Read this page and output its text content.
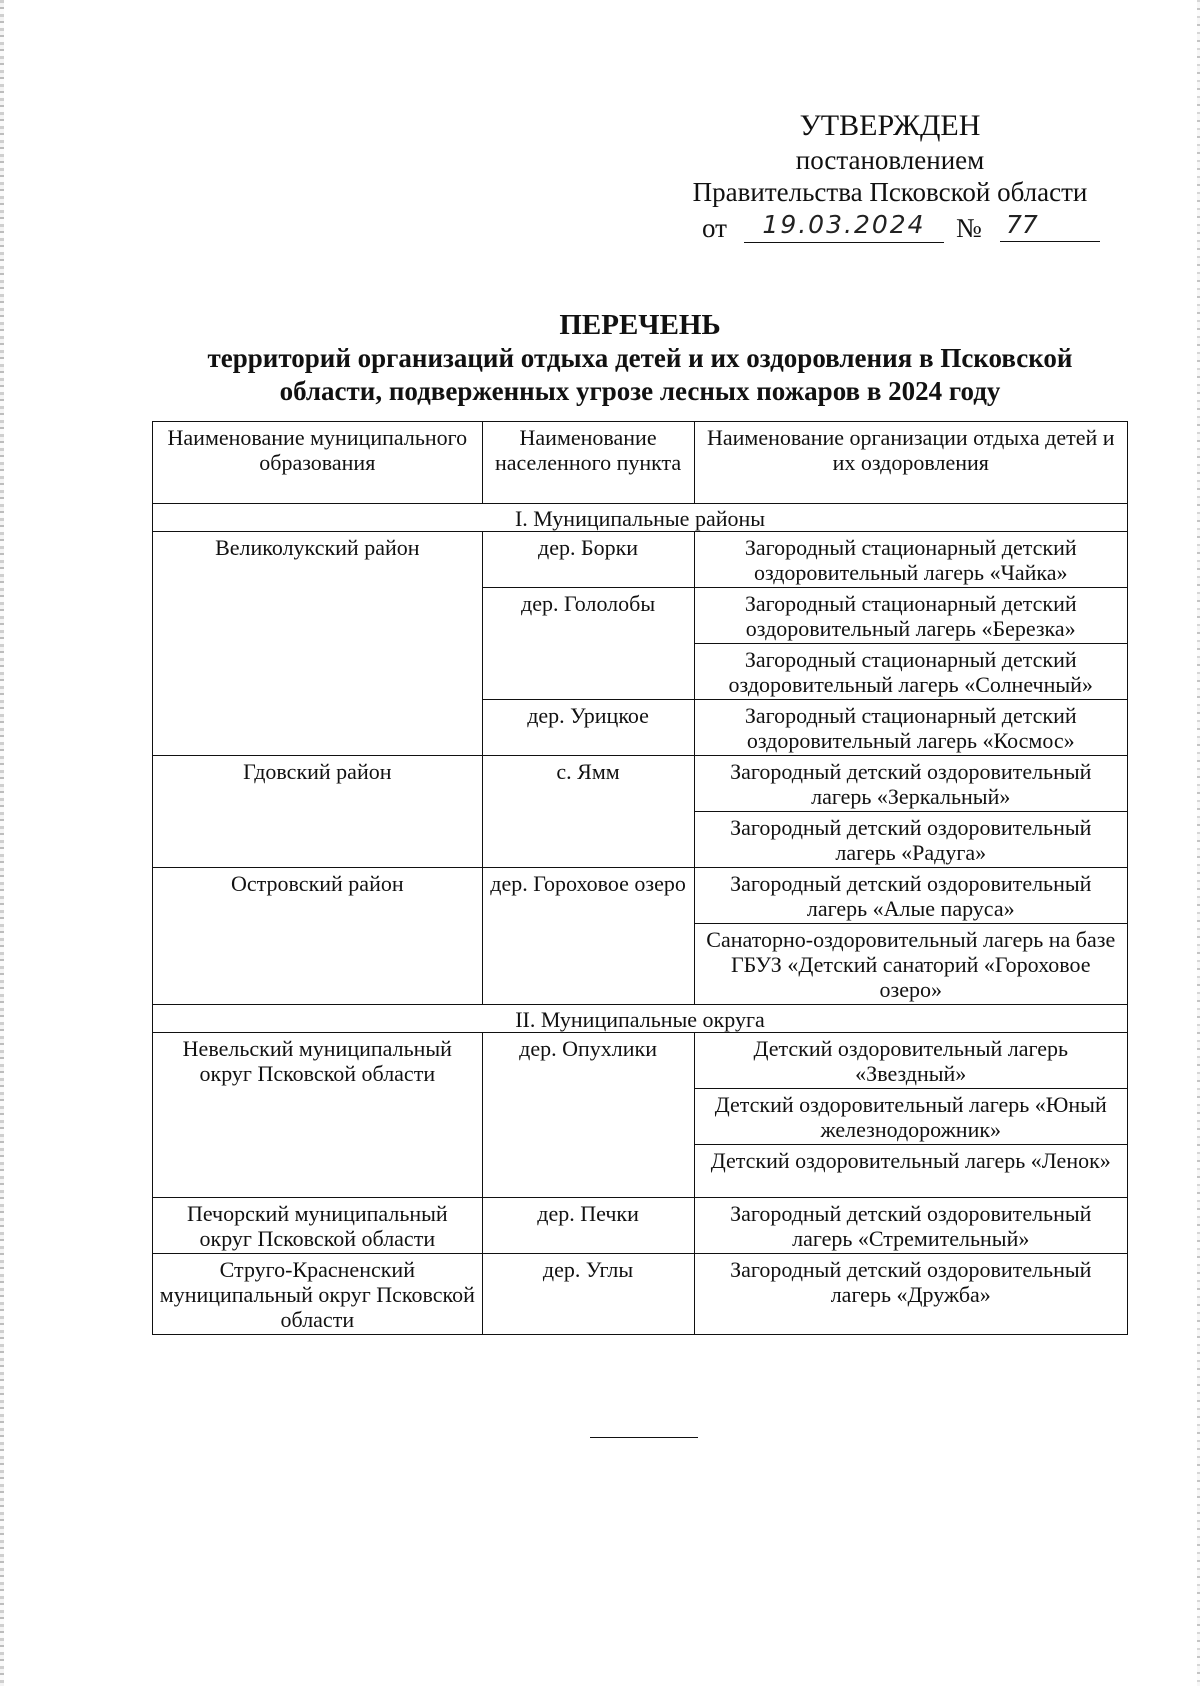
УТВЕРЖДЕН
постановлением
Правительства Псковской области
от	19.03.2024	№ 77
ПЕРЕЧЕНЬ
территорий организаций отдыха детей и их оздоровления в Псковской
области, подверженных угрозе лесных пожаров в 2024 году
Наименование муниципального образования	Наименование населенного пункта	Наименование организации отдыха детей и их оздоровления
I. Муниципальные районы		
Великолукский район	дер. Борки	Загородный стационарный детский оздоровительный лагерь «Чайка»
	дер. Гололобы	Загородный стационарный детский оздоровительный лагерь «Березка»
		Загородный стационарный детский оздоровительный лагерь «Солнечный»
	дер. Урицкое	Загородный стационарный детский оздоровительный лагерь «Космос»
Гдовский район	с. Ямм	Загородный детский оздоровительный лагерь «Зеркальный»
		Загородный детский оздоровительный лагерь «Радуга»
Островский район	дер. Гороховое озеро	Загородный детский оздоровительный лагерь «Алые паруса»
		Санаторно-оздоровительный лагерь на базе ГБУЗ «Детский санаторий «Гороховое озеро»
II. Муниципальные округа		
Невельский муниципальный округ Псковской области	дер. Опухлики	Детский оздоровительный лагерь «Звездный»
		Детский оздоровительный лагерь «Юный железнодорожник»
		Детский оздоровительный лагерь «Ленок»
Печорский муниципальный округ Псковской области	дер. Печки	Загородный детский оздоровительный лагерь «Стремительный»
Струго-Красненский муниципальный округ Псковской области	дер. Углы	Загородный детский оздоровительный лагерь «Дружба»
